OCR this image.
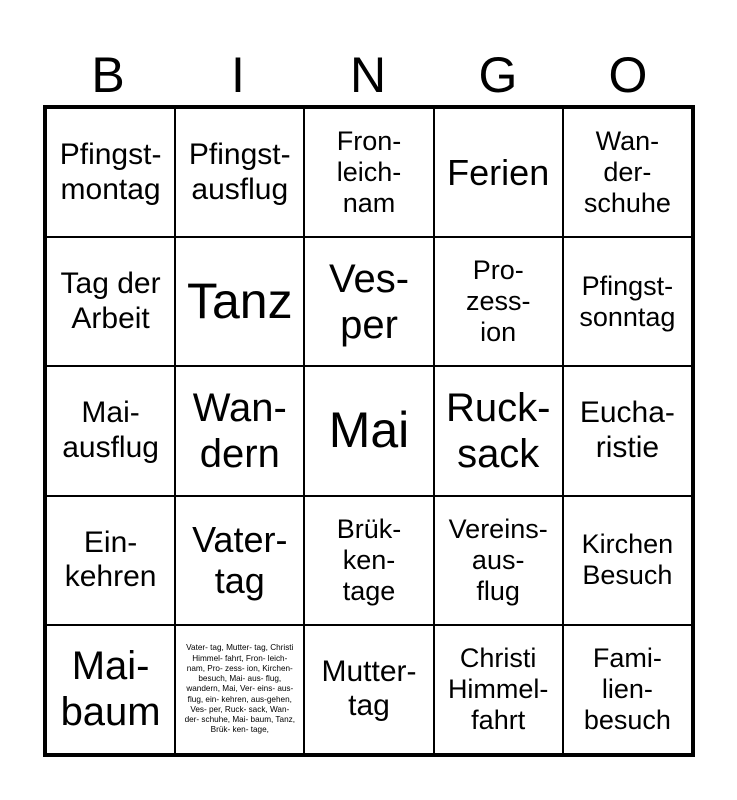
B	I	N	G	O
Pfingst-
montag
Pfingst-
ausflug
Fron-
leich-
nam
Ferien
Wan-
der-
schuhe
Tag der
Arbeit Tanz Ves-
per
Pro-
zess-
ion
Pfingst-
sonntag
Mai-
ausflug
Wan-
dern Mai Ruck-
sack
Eucha-
ristie
Ein-
kehren
Vater-
tag
Brük-
ken-
tage
Vereins-
aus-
flug
Kirchen
Besuch
Mai-
baum
Vater- tag, Mutter- tag, Christi Himmel- fahrt, Fron- leich- nam, Pro- zess- ion, Kirchen- besuch, Mai- aus- flug, wandern, Mai, Ver- eins- aus- flug, ein- kehren, aus-gehen, Ves- per, Ruck- sack, Wan- der- schuhe, Mai- baum, Tanz, Brük- ken- tage,
Mutter-
tag
Christi
Himmel-
fahrt
Fami-
lien-
besuch
